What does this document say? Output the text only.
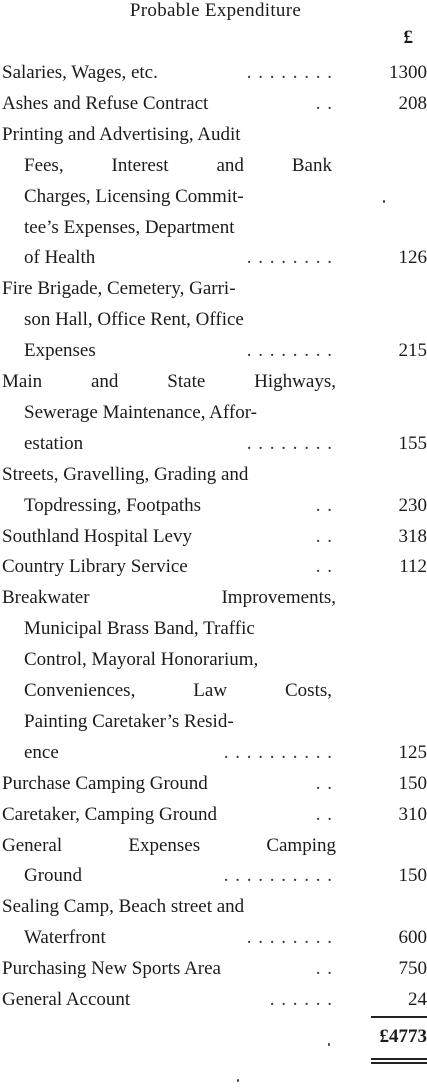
Probable Expenditure
£
Salaries, Wages, etc.	. . . . . . . .	1300
Ashes and Refuse Contract	. .	208
Printing and Advertising, Audit
Fees,	Interest	and	Bank
Charges, Licensing Commit-
tee’s Expenses, Department
of Health	. . . . . . . .	126
Fire Brigade, Cemetery, Garri-
son Hall, Office Rent, Office
Expenses	. . . . . . . .	215
Main	and	State	Highways,
Sewerage Maintenance, Affor-
estation	. . . . . . . .	155
Streets, Gravelling, Grading and
Topdressing, Footpaths	. .	230
Southland Hospital Levy	. .	318
Country Library Service	. .	112
Breakwater	Improvements,
Municipal Brass Band, Traffic
Control, Mayoral Honorarium,
Conveniences,	Law	Costs,
Painting Caretaker’s Resid-
ence	. . . . . . . . . .	125
Purchase Camping Ground	. .	150
Caretaker, Camping Ground	. .	310
General	Expenses	Camping
Ground	. . . . . . . . . .	150
Sealing Camp, Beach street and
Waterfront	. . . . . . . .	600
Purchasing New Sports Area	. .	750
General Account	. . . . . .	24
£4773
